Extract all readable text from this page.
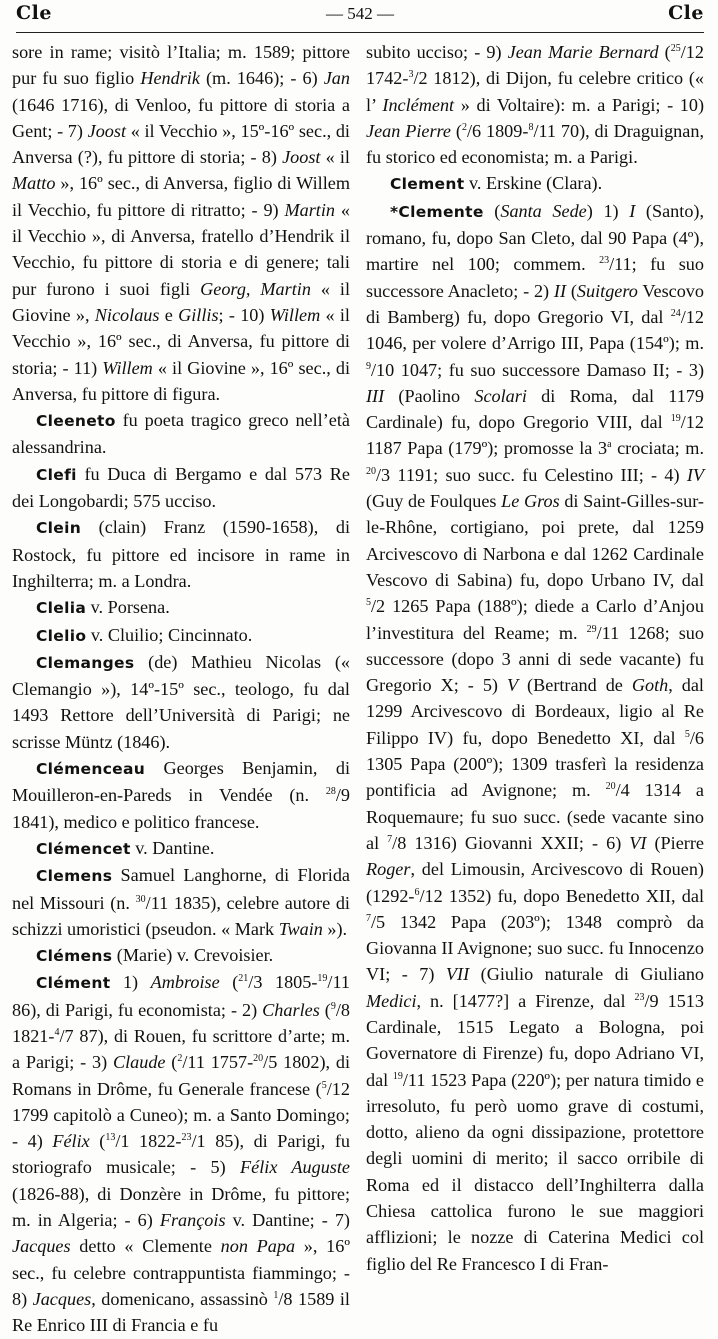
Cle	— 542 —	Cle

sore in rame; visitò l’Italia; m. 1589; pittore pur fu suo figlio Hendrik (m. 1646); - 6) Jan (1646 1716), di Venloo, fu pittore di storia a Gent; - 7) Joost « il Vecchio », 15º-16º sec., di Anversa (?), fu pittore di storia; - 8) Joost « il Matto », 16º sec., di Anversa, figlio di Willem il Vecchio, fu pittore di ritratto; - 9) Martin « il Vecchio », di Anversa, fratello d’Hendrik il Vecchio, fu pittore di storia e di genere; tali pur furono i suoi figli Georg, Martin « il Giovine », Nicolaus e Gillis; - 10) Willem « il Vecchio », 16º sec., di Anversa, fu pittore di storia; - 11) Willem « il Giovine », 16º sec., di Anversa, fu pittore di figura.

Cleeneto fu poeta tragico greco nell’età alessandrina.

Clefi fu Duca di Bergamo e dal 573 Re dei Longobardi; 575 ucciso.

Clein (clain) Franz (1590-1658), di Rostock, fu pittore ed incisore in rame in Inghilterra; m. a Londra.

Clelia v. Porsena.

Clelio v. Cluilio; Cincinnato.

Clemanges (de) Mathieu Nicolas (« Clemangio »), 14º-15º sec., teologo, fu dal 1493 Rettore dell’Università di Parigi; ne scrisse Müntz (1846).

Clémenceau Georges Benjamin, di Mouilleron-en-Pareds in Vendée (n. $^{28}$/9 1841), medico e politico francese.

Clémencet v. Dantine.

Clemens Samuel Langhorne, di Florida nel Missouri (n. $^{30}$/11 1835), celebre autore di schizzi umoristici (pseudon. « Mark Twain »).

Clémens (Marie) v. Crevoisier.

Clément 1) Ambroise ($^{21}$/3 1805-$^{19}$/11 86), di Parigi, fu economista; - 2) Charles ($^9$/8 1821-$^4$/7 87), di Rouen, fu scrittore d’arte; m. a Parigi; - 3) Claude ($^2$/11 1757-$^{20}$/5 1802), di Romans in Drôme, fu Generale francese ($^5$/12 1799 capitolò a Cuneo); m. a Santo Domingo; - 4) Félix ($^{13}$/1 1822-$^{23}$/1 85), di Parigi, fu storiografo musicale; - 5) Félix Auguste (1826-88), di Donzère in Drôme, fu pittore; m. in Algeria; - 6) François v. Dantine; - 7) Jacques detto « Clemente non Papa », 16º sec., fu celebre contrappuntista fiammingo; - 8) Jacques, domenicano, assassinò $^1$/8 1589 il Re Enrico III di Francia e fu

subito ucciso; - 9) Jean Marie Bernard ($^{25}$/12 1742-$^3$/2 1812), di Dijon, fu celebre critico (« l’ Inclément » di Voltaire): m. a Parigi; - 10) Jean Pierre ($^2$/6 1809-$^8$/11 70), di Draguignan, fu storico ed economista; m. a Parigi.

Clement v. Erskine (Clara).

*Clemente (Santa Sede) 1) I (Santo), romano, fu, dopo San Cleto, dal 90 Papa (4º), martire nel 100; commem. $^{23}$/11; fu suo successore Anacleto; - 2) II (Suitgero Vescovo di Bamberg) fu, dopo Gregorio VI, dal $^{24}$/12 1046, per volere d’Arrigo III, Papa (154º); m. $^9$/10 1047; fu suo successore Damaso II; - 3) III (Paolino Scolari di Roma, dal 1179 Cardinale) fu, dopo Gregorio VIII, dal $^{19}$/12 1187 Papa (179º); promosse la 3$^a$ crociata; m. $^{20}$/3 1191; suo succ. fu Celestino III; - 4) IV (Guy de Foulques Le Gros di Saint-Gilles-sur-le-Rhône, cortigiano, poi prete, dal 1259 Arcivescovo di Narbona e dal 1262 Cardinale Vescovo di Sabina) fu, dopo Urbano IV, dal $^5$/2 1265 Papa (188º); diede a Carlo d’Anjou l’investitura del Reame; m. $^{29}$/11 1268; suo successore (dopo 3 anni di sede vacante) fu Gregorio X; - 5) V (Bertrand de Goth, dal 1299 Arcivescovo di Bordeaux, ligio al Re Filippo IV) fu, dopo Benedetto XI, dal $^5$/6 1305 Papa (200º); 1309 trasferì la residenza pontificia ad Avignone; m. $^{20}$/4 1314 a Roquemaure; fu suo succ. (sede vacante sino al $^7$/8 1316) Giovanni XXII; - 6) VI (Pierre Roger, del Limousin, Arcivescovo di Rouen) (1292-$^6$/12 1352) fu, dopo Benedetto XII, dal $^7$/5 1342 Papa (203º); 1348 comprò da Giovanna II Avignone; suo succ. fu Innocenzo VI; - 7) VII (Giulio naturale di Giuliano Medici, n. [1477?] a Firenze, dal $^{23}$/9 1513 Cardinale, 1515 Legato a Bologna, poi Governatore di Firenze) fu, dopo Adriano VI, dal $^{19}$/11 1523 Papa (220º); per natura timido e irresoluto, fu però uomo grave di costumi, dotto, alieno da ogni dissipazione, protettore degli uomini di merito; il sacco orribile di Roma ed il distacco dell’Inghilterra dalla Chiesa cattolica furono le sue maggiori afflizioni; le nozze di Caterina Medici col figlio del Re Francesco I di Fran-
